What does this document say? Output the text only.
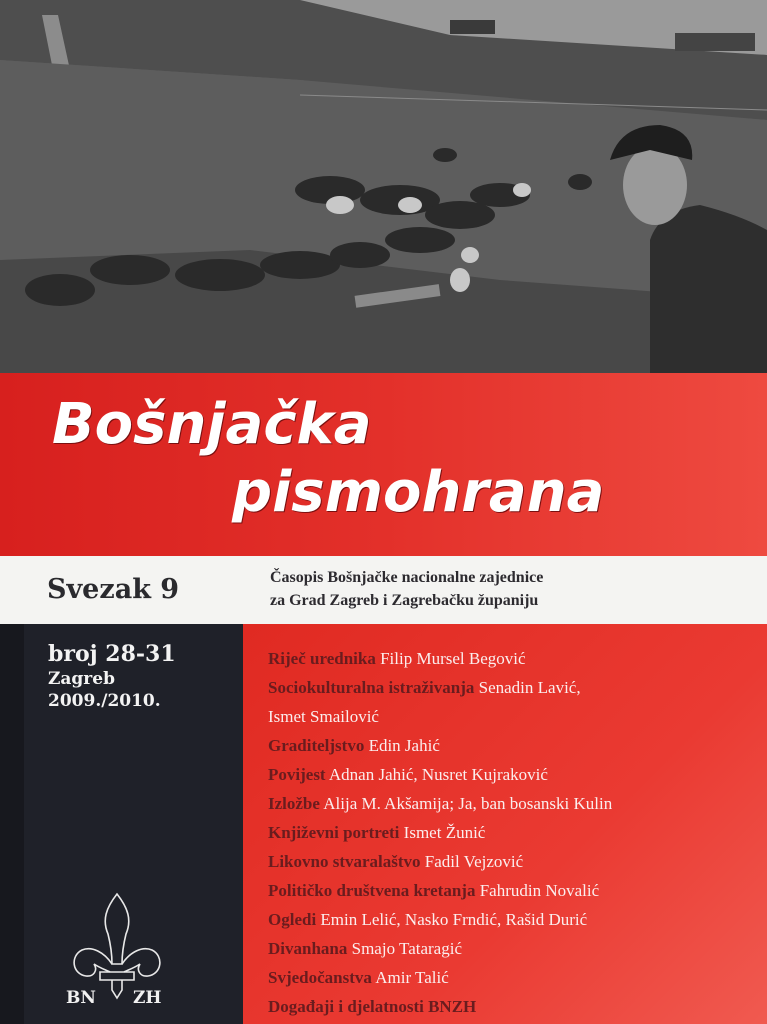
Bošnjačka
pismohrana
Svezak 9	Časopis Bošnjačke nacionalne zajednice
za Grad Zagreb i Zagrebačku županiju
broj 28-31
Zagreb
2009./2010.
BN ZH
Riječ urednika Filip Mursel Begović
Sociokulturalna istraživanja Senadin Lavić,
Ismet Smailović
Graditeljstvo Edin Jahić
Povijest Adnan Jahić, Nusret Kujraković
Izložbe Alija M. Akšamija; Ja, ban bosanski Kulin
Književni portreti Ismet Žunić
Likovno stvaralaštvo Fadil Vejzović
Političko društvena kretanja Fahrudin Novalić
Ogledi Emin Lelić, Nasko Frndić, Rašid Durić
Divanhana Smajo Tataragić
Svjedočanstva Amir Talić
Događaji i djelatnosti BNZH
